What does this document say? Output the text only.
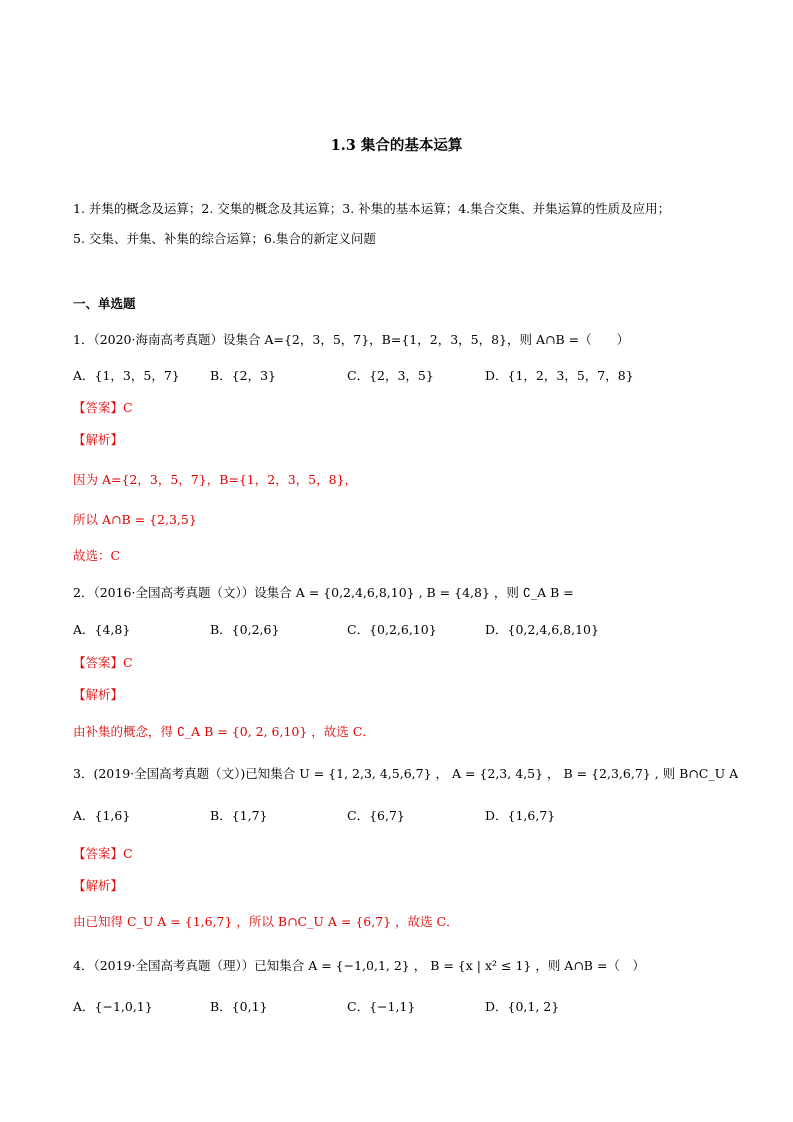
1.3 集合的基本运算
1. 并集的概念及运算；2. 交集的概念及其运算；3. 补集的基本运算；4.集合交集、并集运算的性质及应用；
5. 交集、并集、补集的综合运算；6.集合的新定义问题
一、单选题
1．（2020·海南高考真题）设集合 A={2，3，5，7}，B={1，2，3，5，8}，则 A∩B =（　　）
A．{1，3，5，7} B．{2，3}	C．{2，3，5}	D．{1，2，3，5，7，8}
【答案】C
【解析】
因为 A={2，3，5，7}，B={1，2，3，5，8}，
所以 A∩B = {2,3,5}
故选：C
2．（2016·全国高考真题（文））设集合 A = {0,2,4,6,8,10} , B = {4,8} ，则 ∁_A B =
A．{4,8}	B．{0,2,6}	C．{0,2,6,10}	D．{0,2,4,6,8,10}
【答案】C
【解析】
由补集的概念，得 ∁_A B = {0, 2, 6,10} ，故选 C．
3．(2019·全国高考真题（文）)已知集合 U = {1, 2,3, 4,5,6,7} ， A = {2,3, 4,5} ， B = {2,3,6,7} , 则 B∩C_U A
A．{1,6}	B．{1,7}	C．{6,7}	D．{1,6,7}
【答案】C
【解析】
由已知得 C_U A = {1,6,7} ，所以 B∩C_U A = {6,7} ，故选 C．
4．（2019·全国高考真题（理））已知集合 A = {−1,0,1, 2} ， B = {x | x² ≤ 1} ，则 A∩B =（　）
A．{−1,0,1}	B．{0,1}	C．{−1,1}	D．{0,1, 2}
